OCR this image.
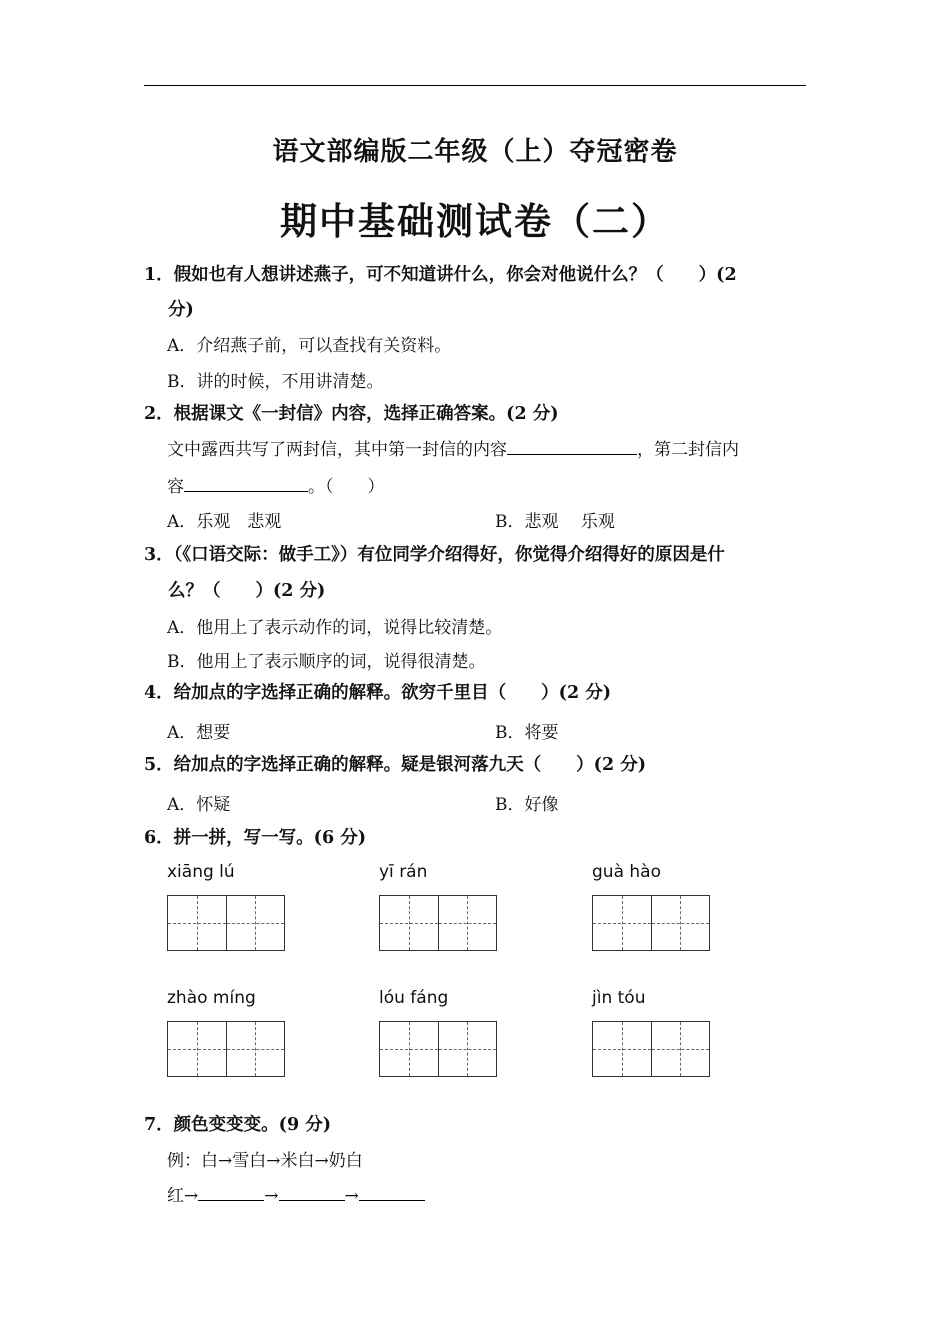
语文部编版二年级（上）夺冠密卷
期中基础测试卷（二）
1．假如也有人想讲述燕子，可不知道讲什么，你会对他说什么？（　　）(2
分)
A．介绍燕子前，可以查找有关资料。
B．讲的时候，不用讲清楚。
2．根据课文《一封信》内容，选择正确答案。(2 分)
文中露西共写了两封信，其中第一封信的内容	，第二封信内
容	。（　　）
A．乐观　悲观	B．悲观　 乐观
3．（《口语交际：做手工》）有位同学介绍得好，你觉得介绍得好的原因是什
么？（　　）(2 分)
A．他用上了表示动作的词，说得比较清楚。
B．他用上了表示顺序的词，说得很清楚。
4．给加点的字选择正确的解释。欲穷千里目（　　）(2 分)
A．想要	B．将要
5．给加点的字选择正确的解释。疑是银河落九天（　　）(2 分)
A．怀疑	B．好像
6．拼一拼，写一写。(6 分)
xiāng lú	yī rán	guà hào
zhào míng	lóu fáng	jìn tóu
7．颜色变变变。(9 分)
例：白→雪白→米白→奶白
红→	→	→
